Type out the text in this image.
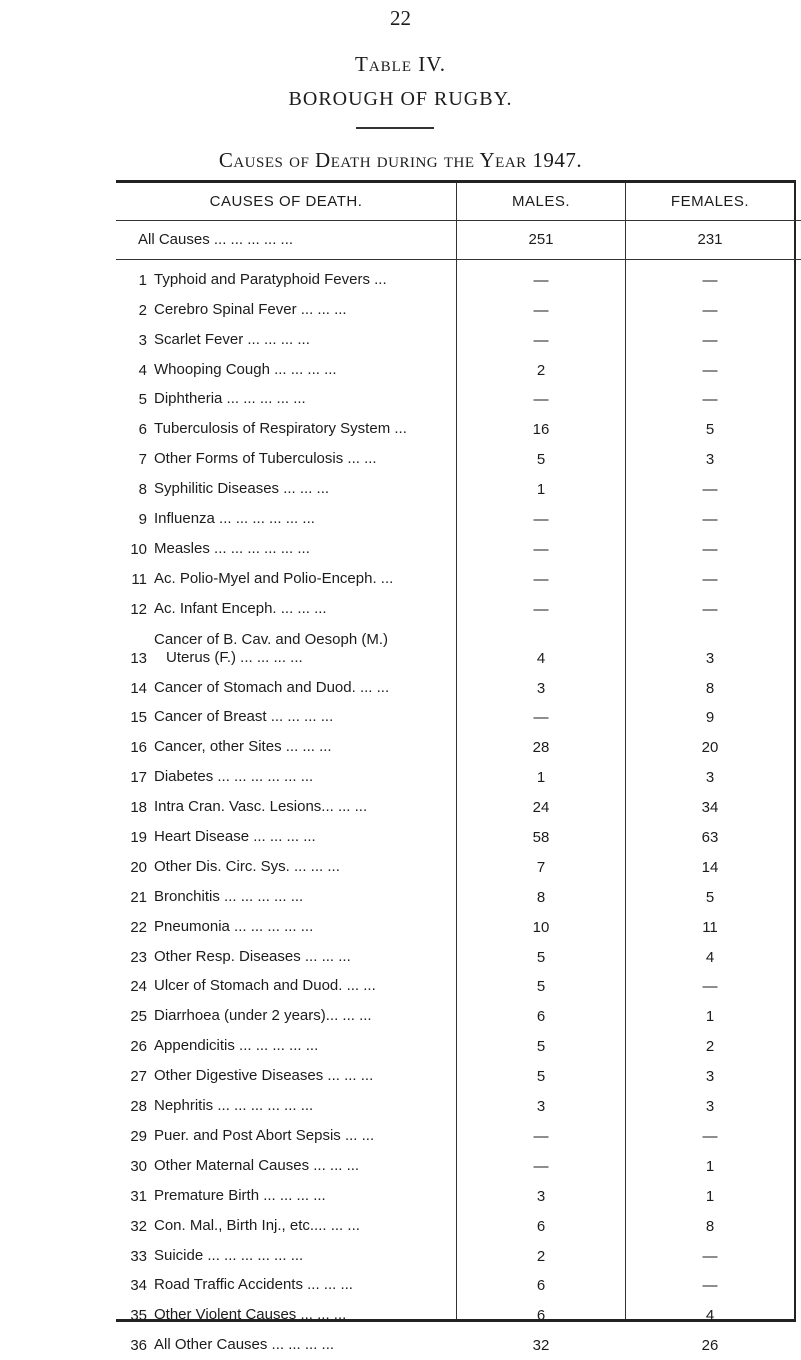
22
Table IV.
BOROUGH OF RUGBY.
Causes of Death during the Year 1947.
CAUSES OF DEATH.	MALES.	FEMALES.
All Causes ... ... ... ... ...	251	231
1 Typhoid and Paratyphoid Fevers ...	—	—
2 Cerebro Spinal Fever ... ... ...	—	—
3 Scarlet Fever ... ... ... ...	—	—
4 Whooping Cough ... ... ... ...	2	—
5 Diphtheria ... ... ... ... ...	—	—
6 Tuberculosis of Respiratory System ...	16	5
7 Other Forms of Tuberculosis ... ...	5	3
8 Syphilitic Diseases ... ... ...	1	—
9 Influenza ... ... ... ... ... ...	—	—
10 Measles ... ... ... ... ... ...	—	—
11 Ac. Polio-Myel and Polio-Enceph. ...	—	—
12 Ac. Infant Enceph. ... ... ...	—	—
13
Cancer of B. Cav. and Oesoph (M.)
Uterus (F.) ... ... ... ...	4	3
14 Cancer of Stomach and Duod. ... ...	3	8
15 Cancer of Breast ... ... ... ...	—	9
16 Cancer, other Sites ... ... ...	28	20
17 Diabetes ... ... ... ... ... ...	1	3
18 Intra Cran. Vasc. Lesions... ... ...	24	34
19 Heart Disease ... ... ... ...	58	63
20 Other Dis. Circ. Sys. ... ... ...	7	14
21 Bronchitis ... ... ... ... ...	8	5
22 Pneumonia ... ... ... ... ...	10	11
23 Other Resp. Diseases ... ... ...	5	4
24 Ulcer of Stomach and Duod. ... ...	5	—
25 Diarrhoea (under 2 years)... ... ...	6	1
26 Appendicitis ... ... ... ... ...	5	2
27 Other Digestive Diseases ... ... ...	5	3
28 Nephritis ... ... ... ... ... ...	3	3
29 Puer. and Post Abort Sepsis ... ...	—	—
30 Other Maternal Causes ... ... ...	—	1
31 Premature Birth ... ... ... ...	3	1
32 Con. Mal., Birth Inj., etc.... ... ...	6	8
33 Suicide ... ... ... ... ... ...	2	—
34 Road Traffic Accidents ... ... ...	6	—
35 Other Violent Causes ... ... ...	6	4
36 All Other Causes ... ... ... ...	32	26
